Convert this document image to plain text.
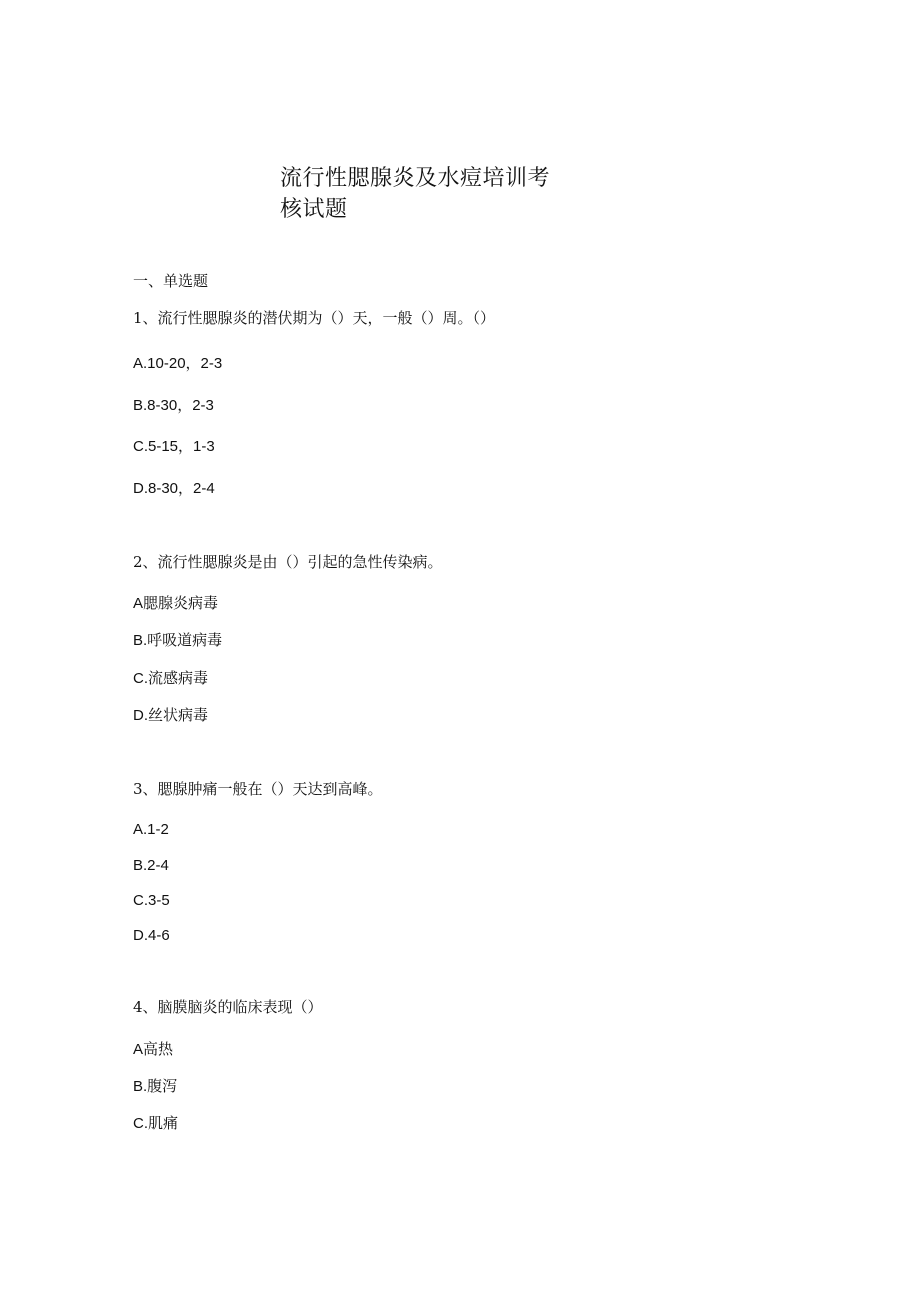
流行性腮腺炎及水痘培训考
核试题
一、单选题
1、流行性腮腺炎的潜伏期为（）天，一般（）周。（）
A.10-20，2-3
B.8-30，2-3
C.5-15，1-3
D.8-30，2-4
2、流行性腮腺炎是由（）引起的急性传染病。
A腮腺炎病毒
B.呼吸道病毒
C.流感病毒
D.丝状病毒
3、腮腺肿痛一般在（）天达到高峰。
A.1-2
B.2-4
C.3-5
D.4-6
4、脑膜脑炎的临床表现（）
A高热
B.腹泻
C.肌痛
